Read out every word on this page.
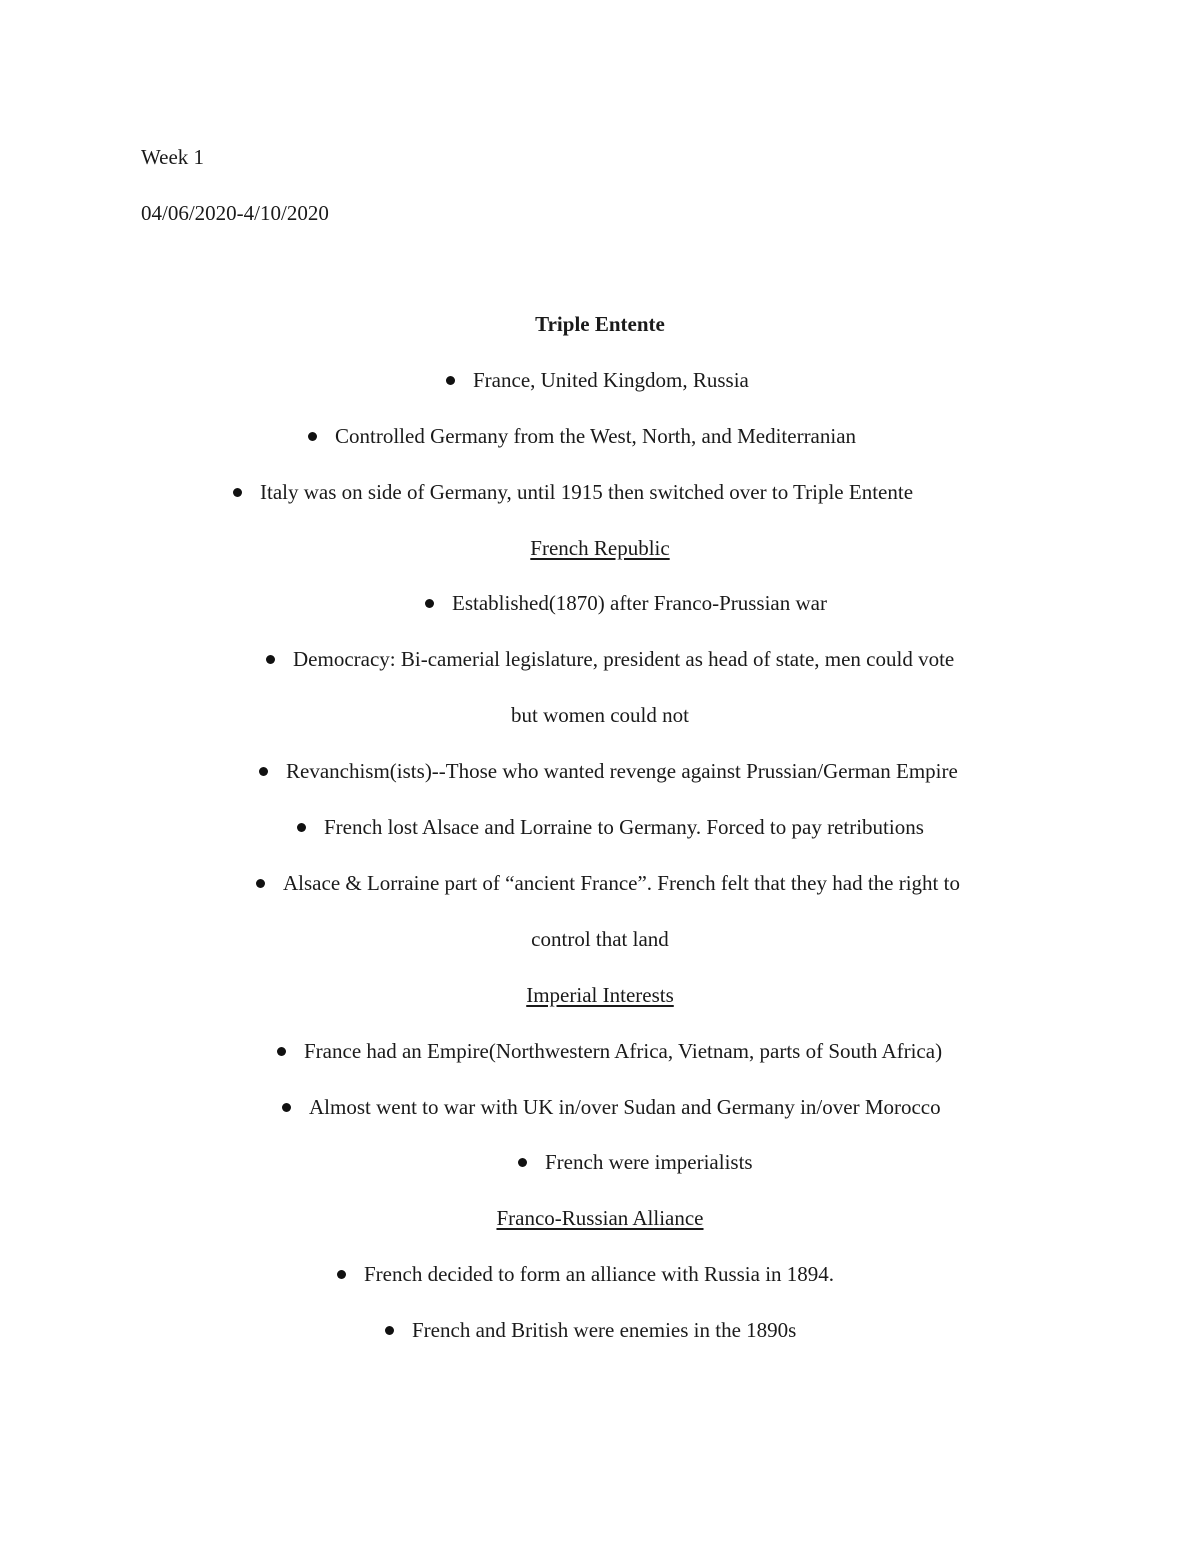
Week 1
04/06/2020-4/10/2020
Triple Entente
France, United Kingdom, Russia
Controlled Germany from the West, North, and Mediterranian
Italy was on side of Germany, until 1915 then switched over to Triple Entente
French Republic
Established(1870) after Franco-Prussian war
Democracy: Bi-camerial legislature, president as head of state, men could vote
but women could not
Revanchism(ists)--Those who wanted revenge against Prussian/German Empire
French lost Alsace and Lorraine to Germany. Forced to pay retributions
Alsace & Lorraine part of “ancient France”. French felt that they had the right to
control that land
Imperial Interests
France had an Empire(Northwestern Africa, Vietnam, parts of South Africa)
Almost went to war with UK in/over Sudan and Germany in/over Morocco
French were imperialists
Franco-Russian Alliance
French decided to form an alliance with Russia in 1894.
French and British were enemies in the 1890s
